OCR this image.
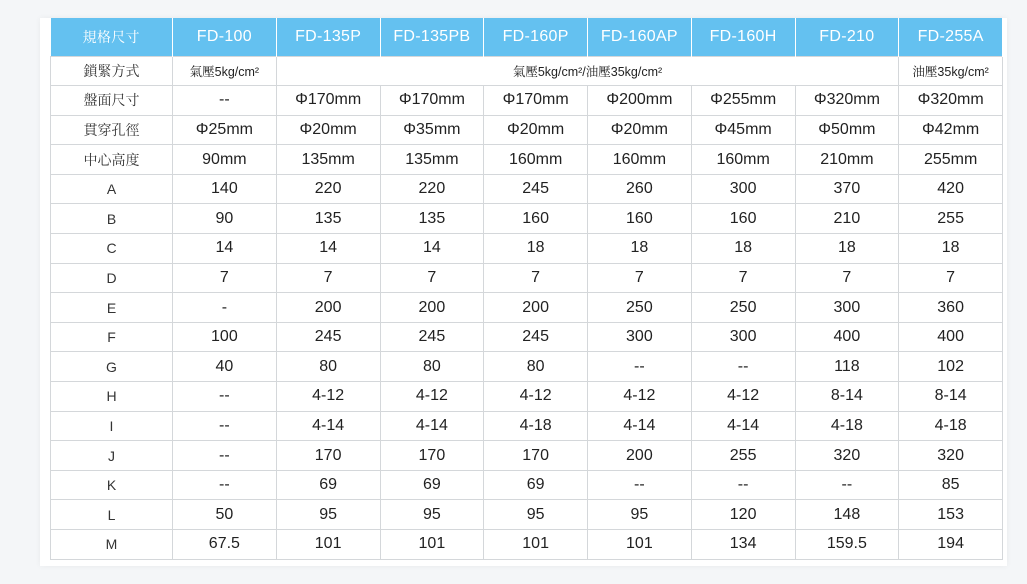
規格尺寸	FD-100	FD-135P	FD-135PB	FD-160P	FD-160AP	FD-160H	FD-210	FD-255A
鎖緊方式	氣壓5kg/cm²	氣壓5kg/cm²/油壓35kg/cm²						油壓35kg/cm²
盤面尺寸	--	Φ170mm	Φ170mm	Φ170mm	Φ200mm	Φ255mm	Φ320mm	Φ320mm
貫穿孔徑	Φ25mm	Φ20mm	Φ35mm	Φ20mm	Φ20mm	Φ45mm	Φ50mm	Φ42mm
中心高度	90mm	135mm	135mm	160mm	160mm	160mm	210mm	255mm
A	140	220	220	245	260	300	370	420
B	90	135	135	160	160	160	210	255
C	14	14	14	18	18	18	18	18
D	7	7	7	7	7	7	7	7
E	-	200	200	200	250	250	300	360
F	100	245	245	245	300	300	400	400
G	40	80	80	80	--	--	118	102
H	--	4-12	4-12	4-12	4-12	4-12	8-14	8-14
I	--	4-14	4-14	4-18	4-14	4-14	4-18	4-18
J	--	170	170	170	200	255	320	320
K	--	69	69	69	--	--	--	85
L	50	95	95	95	95	120	148	153
M	67.5	101	101	101	101	134	159.5	194
